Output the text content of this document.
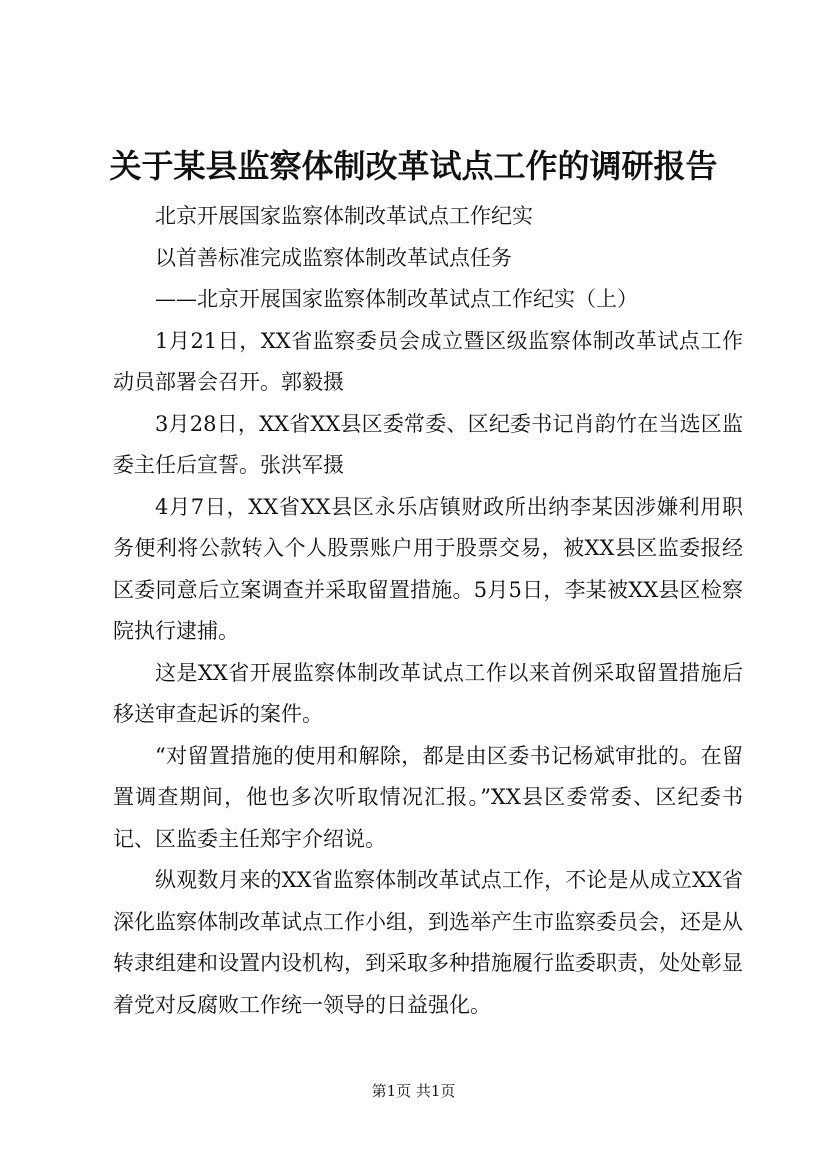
关于某县监察体制改革试点工作的调研报告

北京开展国家监察体制改革试点工作纪实

以首善标准完成监察体制改革试点任务

——北京开展国家监察体制改革试点工作纪实（上）

1月21日，XX省监察委员会成立暨区级监察体制改革试点工作动员部署会召开。郭毅摄

3月28日，XX省XX县区委常委、区纪委书记肖韵竹在当选区监委主任后宣誓。张洪军摄

4月7日，XX省XX县区永乐店镇财政所出纳李某因涉嫌利用职务便利将公款转入个人股票账户用于股票交易，被XX县区监委报经区委同意后立案调查并采取留置措施。5月5日，李某被XX县区检察院执行逮捕。

这是XX省开展监察体制改革试点工作以来首例采取留置措施后移送审查起诉的案件。

“对留置措施的使用和解除，都是由区委书记杨斌审批的。在留置调查期间，他也多次听取情况汇报。”XX县区委常委、区纪委书记、区监委主任郑宇介绍说。

纵观数月来的XX省监察体制改革试点工作，不论是从成立XX省深化监察体制改革试点工作小组，到选举产生市监察委员会，还是从转隶组建和设置内设机构，到采取多种措施履行监委职责，处处彰显着党对反腐败工作统一领导的日益强化。

第1页 共1页
